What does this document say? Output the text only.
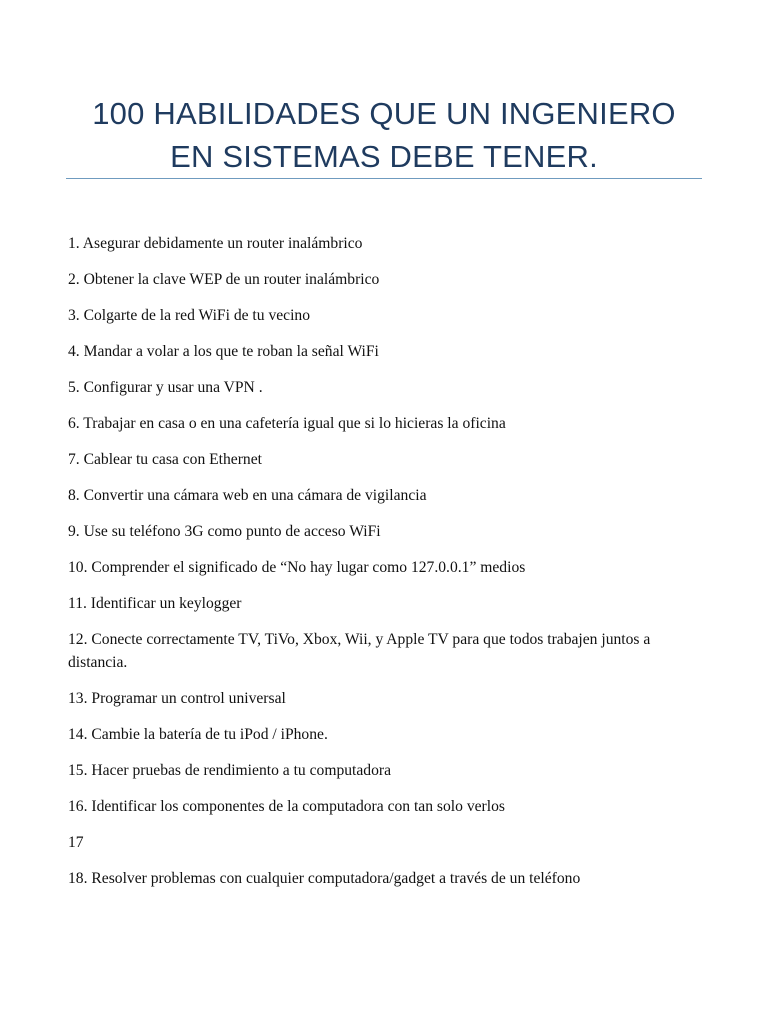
100 HABILIDADES QUE UN INGENIERO
EN SISTEMAS DEBE TENER.
1. Asegurar debidamente un router inalámbrico
2. Obtener la clave WEP de un router inalámbrico
3. Colgarte de la red WiFi de tu vecino
4. Mandar a volar a los que te roban la señal WiFi
5. Configurar y usar una VPN .
6. Trabajar en casa o en una cafetería igual que si lo hicieras la oficina
7. Cablear tu casa con Ethernet
8. Convertir una cámara web en una cámara de vigilancia
9. Use su teléfono 3G como punto de acceso WiFi
10. Comprender el significado de “No hay lugar como 127.0.0.1” medios
11. Identificar un keylogger
12. Conecte correctamente TV, TiVo, Xbox, Wii, y Apple TV para que todos trabajen juntos a distancia.
13. Programar un control universal
14. Cambie la batería de tu iPod / iPhone.
15. Hacer pruebas de rendimiento a tu computadora
16. Identificar los componentes de la computadora con tan solo verlos
17
18. Resolver problemas con cualquier computadora/gadget a través de un teléfono
